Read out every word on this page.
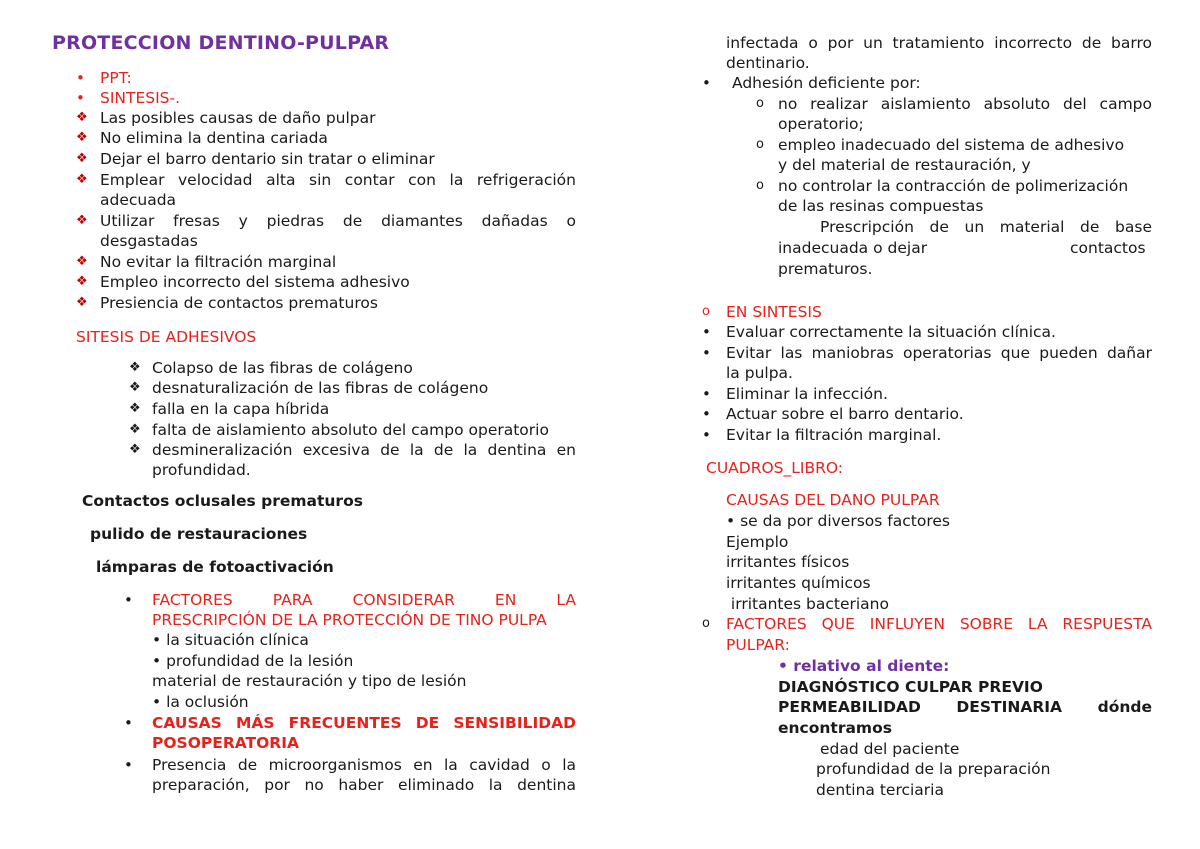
PROTECCION DENTINO-PULPAR
• PPT:
• SINTESIS-.
❖ Las posibles causas de daño pulpar
❖ No elimina la dentina cariada
❖ Dejar el barro dentario sin tratar o eliminar
❖ Emplear velocidad alta sin contar con la refrigeración
adecuada
❖ Utilizar fresas y piedras de diamantes dañadas o
desgastadas
❖ No evitar la filtración marginal
❖ Empleo incorrecto del sistema adhesivo
❖ Presiencia de contactos prematuros
SITESIS DE ADHESIVOS
❖ Colapso de las fibras de colágeno
❖ desnaturalización de las fibras de colágeno
❖ falla en la capa híbrida
❖ falta de aislamiento absoluto del campo operatorio
❖ desmineralización excesiva de la de la dentina en
profundidad.
Contactos oclusales prematuros
pulido de restauraciones
lámparas de fotoactivación
• FACTORES PARA CONSIDERAR EN LA
PRESCRIPCIÓN DE LA PROTECCIÓN DE TINO PULPA
• la situación clínica
• profundidad de la lesión
material de restauración y tipo de lesión
• la oclusión
• CAUSAS MÁS FRECUENTES DE SENSIBILIDAD
POSOPERATORIA
• Presencia de microorganismos en la cavidad o la
preparación, por no haber eliminado la dentina
infectada o por un tratamiento incorrecto de barro
dentinario.
• Adhesión deficiente por:
o no realizar aislamiento absoluto del campo
operatorio;
o empleo inadecuado del sistema de adhesivo
y del material de restauración, y
o no controlar la contracción de polimerización
de las resinas compuestas
Prescripción de un material de base
inadecuada o dejar	contactos
prematuros.
o EN SINTESIS
• Evaluar correctamente la situación clínica.
• Evitar las maniobras operatorias que pueden dañar
la pulpa.
• Eliminar la infección.
• Actuar sobre el barro dentario.
• Evitar la filtración marginal.
CUADROS_LIBRO:
CAUSAS DEL DANO PULPAR
• se da por diversos factores
Ejemplo
irritantes físicos
irritantes químicos
irritantes bacteriano
o FACTORES QUE INFLUYEN SOBRE LA RESPUESTA
PULPAR:
• relativo al diente:
DIAGNÓSTICO CULPAR PREVIO
PERMEABILIDAD DESTINARIA dónde
encontramos
edad del paciente
profundidad de la preparación
dentina terciaria
